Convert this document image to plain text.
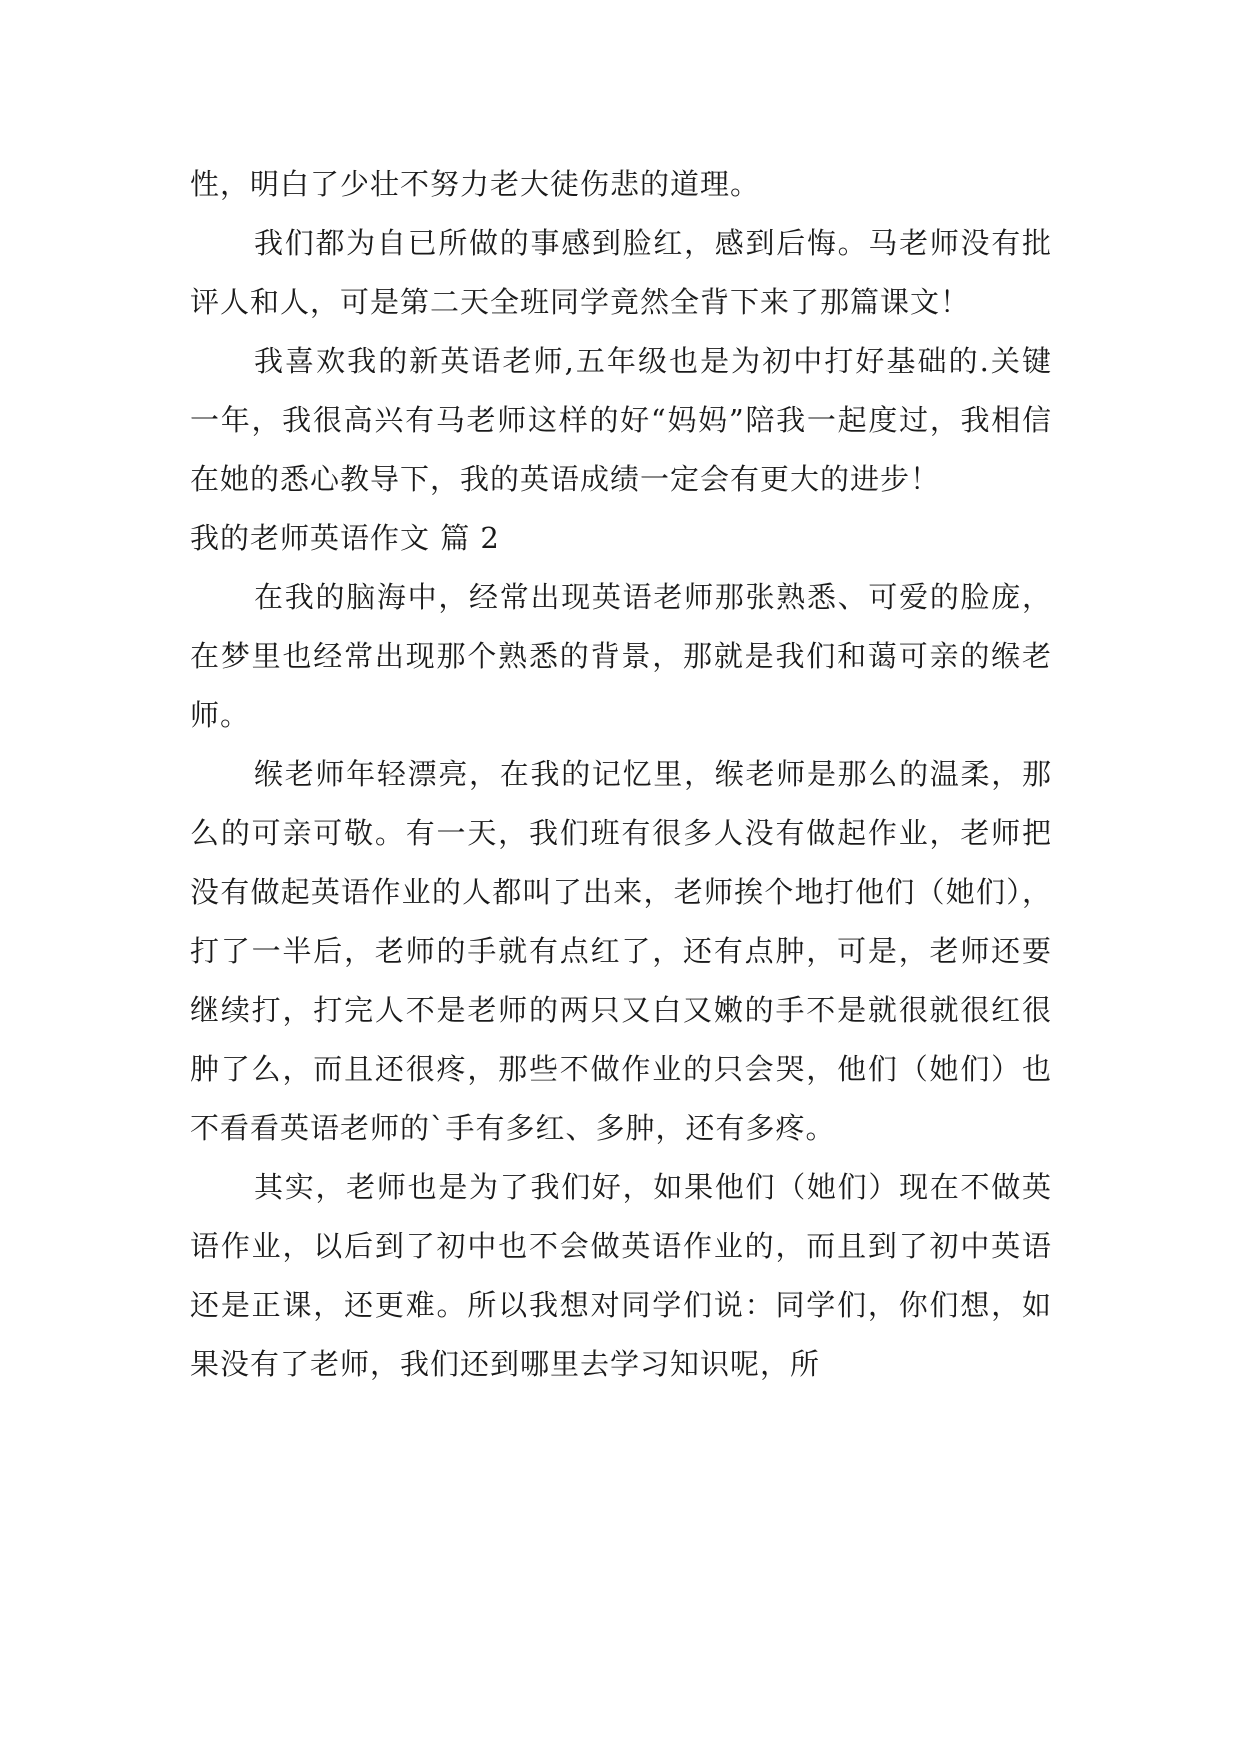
性，明白了少壮不努力老大徒伤悲的道理。

我们都为自已所做的事感到脸红，感到后悔。马老师没有批评人和人，可是第二天全班同学竟然全背下来了那篇课文！

我喜欢我的新英语老师,五年级也是为初中打好基础的.关键一年，我很高兴有马老师这样的好“妈妈”陪我一起度过，我相信在她的悉心教导下，我的英语成绩一定会有更大的进步！

我的老师英语作文 篇 2

在我的脑海中，经常出现英语老师那张熟悉、可爱的脸庞，在梦里也经常出现那个熟悉的背景，那就是我们和蔼可亲的缑老师。

缑老师年轻漂亮，在我的记忆里，缑老师是那么的温柔，那么的可亲可敬。有一天，我们班有很多人没有做起作业，老师把没有做起英语作业的人都叫了出来，老师挨个地打他们（她们），打了一半后，老师的手就有点红了，还有点肿，可是，老师还要继续打，打完人不是老师的两只又白又嫩的手不是就很就很红很肿了么，而且还很疼，那些不做作业的只会哭，他们（她们）也不看看英语老师的`手有多红、多肿，还有多疼。

其实，老师也是为了我们好，如果他们（她们）现在不做英语作业，以后到了初中也不会做英语作业的，而且到了初中英语还是正课，还更难。所以我想对同学们说：同学们，你们想，如果没有了老师，我们还到哪里去学习知识呢，所
